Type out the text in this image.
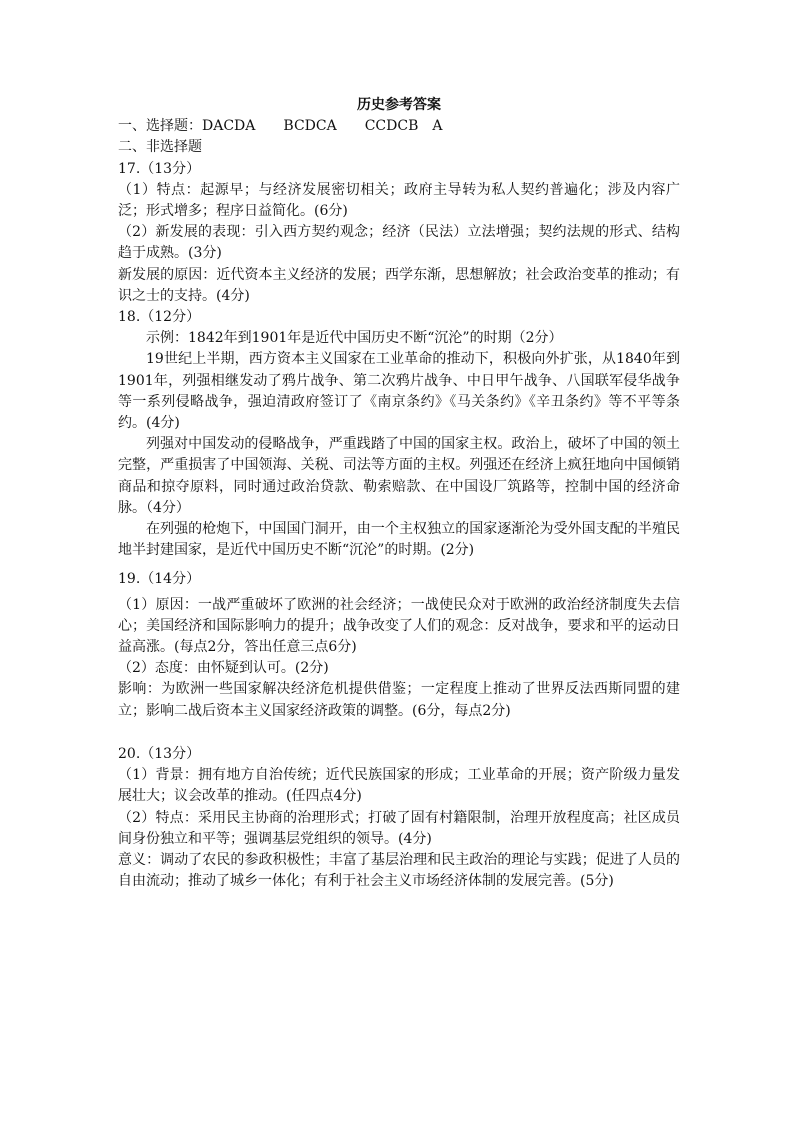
历史参考答案
一、选择题：DACDA BCDCA CCDCB A
二、非选择题
17.（13分）
（1）特点：起源早；与经济发展密切相关；政府主导转为私人契约普遍化；涉及内容广泛；形式增多；程序日益简化。(6分)
（2）新发展的表现：引入西方契约观念；经济（民法）立法增强；契约法规的形式、结构趋于成熟。(3分)
新发展的原因：近代资本主义经济的发展；西学东渐，思想解放；社会政治变革的推动；有识之士的支持。(4分)
18.（12分）
示例：1842年到1901年是近代中国历史不断“沉沦”的时期（2分）
19世纪上半期，西方资本主义国家在工业革命的推动下，积极向外扩张，从1840年到1901年，列强相继发动了鸦片战争、第二次鸦片战争、中日甲午战争、八国联军侵华战争等一系列侵略战争，强迫清政府签订了《南京条约》《马关条约》《辛丑条约》等不平等条约。(4分)
列强对中国发动的侵略战争，严重践踏了中国的国家主权。政治上，破坏了中国的领土完整，严重损害了中国领海、关税、司法等方面的主权。列强还在经济上疯狂地向中国倾销商品和掠夺原料，同时通过政治贷款、勒索赔款、在中国设厂筑路等，控制中国的经济命脉。（4分）
在列强的枪炮下，中国国门洞开，由一个主权独立的国家逐渐沦为受外国支配的半殖民地半封建国家，是近代中国历史不断“沉沦”的时期。(2分)
19.（14分）
（1）原因：一战严重破坏了欧洲的社会经济；一战使民众对于欧洲的政治经济制度失去信心；美国经济和国际影响力的提升；战争改变了人们的观念：反对战争，要求和平的运动日益高涨。(每点2分，答出任意三点6分)
（2）态度：由怀疑到认可。(2分)
影响：为欧洲一些国家解决经济危机提供借鉴；一定程度上推动了世界反法西斯同盟的建立；影响二战后资本主义国家经济政策的调整。(6分，每点2分)
20.（13分）
（1）背景：拥有地方自治传统；近代民族国家的形成；工业革命的开展；资产阶级力量发展壮大；议会改革的推动。(任四点4分)
（2）特点：采用民主协商的治理形式；打破了固有村籍限制，治理开放程度高；社区成员间身份独立和平等；强调基层党组织的领导。(4分)
意义：调动了农民的参政积极性；丰富了基层治理和民主政治的理论与实践；促进了人员的自由流动；推动了城乡一体化；有利于社会主义市场经济体制的发展完善。(5分)
